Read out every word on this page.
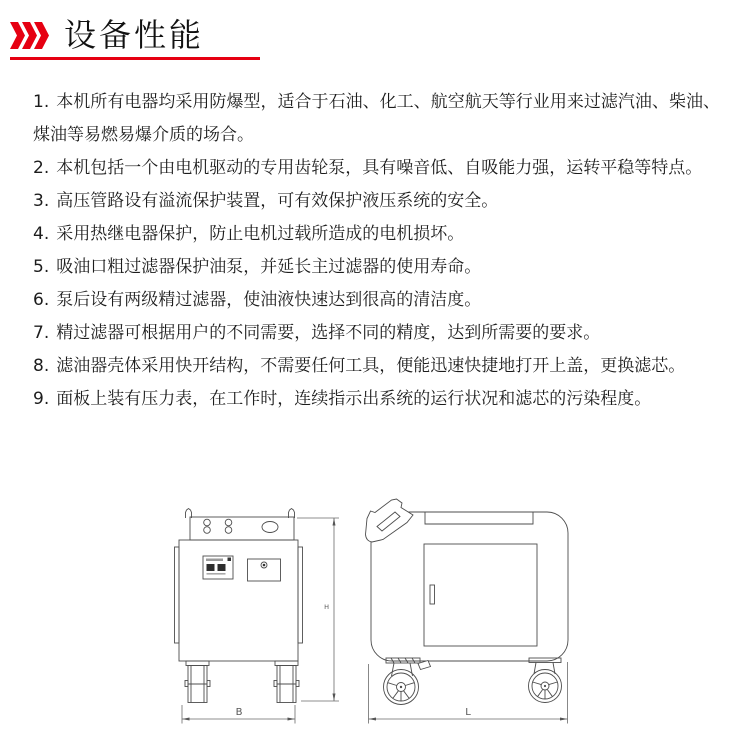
设备性能

1. 本机所有电器均采用防爆型，适合于石油、化工、航空航天等行业用来过滤汽油、柴油、煤油等易燃易爆介质的场合。

2. 本机包括一个由电机驱动的专用齿轮泵，具有噪音低、自吸能力强，运转平稳等特点。

3. 高压管路设有溢流保护装置，可有效保护液压系统的安全。

4. 采用热继电器保护，防止电机过载所造成的电机损坏。

5. 吸油口粗过滤器保护油泵，并延长主过滤器的使用寿命。

6. 泵后设有两级精过滤器，使油液快速达到很高的清洁度。

7. 精过滤器可根据用户的不同需要，选择不同的精度，达到所需要的要求。

8. 滤油器壳体采用快开结构，不需要任何工具，便能迅速快捷地打开上盖，更换滤芯。

9. 面板上装有压力表，在工作时，连续指示出系统的运行状况和滤芯的污染程度。

B
H
L
